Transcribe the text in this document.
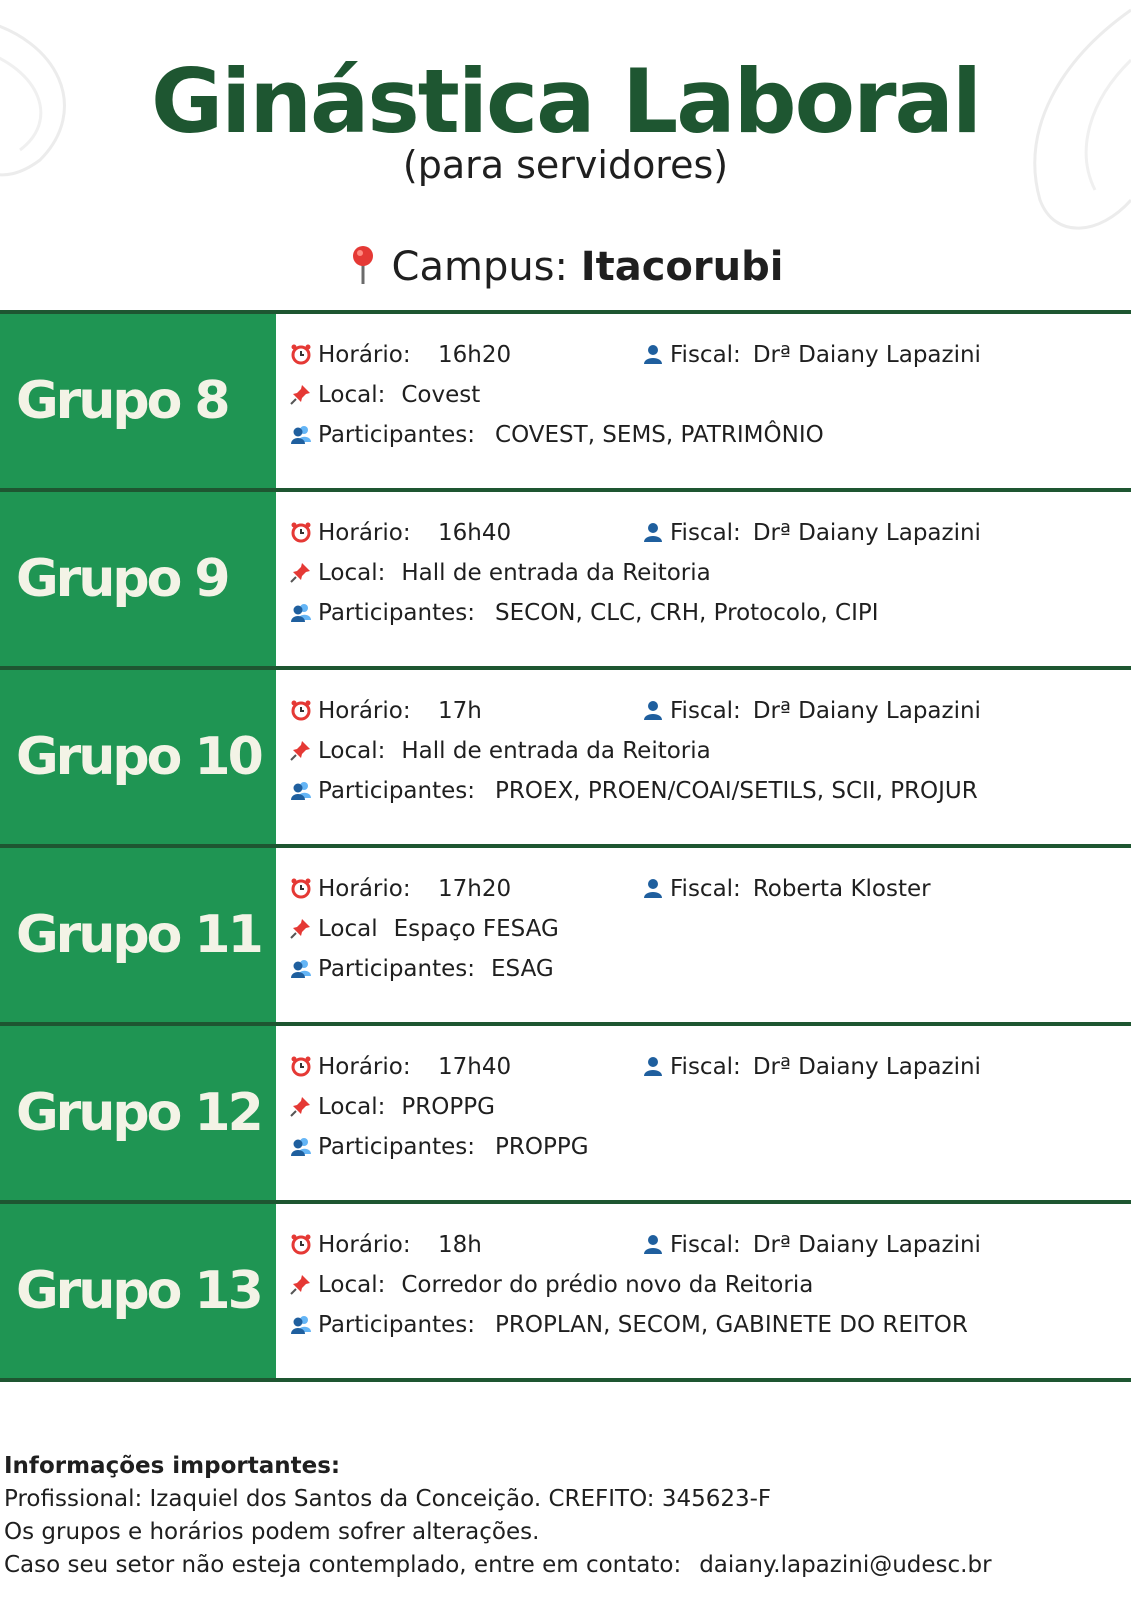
Ginástica Laboral
(para servidores)
Campus: Itacorubi
Grupo 8
Horário: 16h20	Fiscal: Drª Daiany Lapazini
Local: Covest
Participantes: COVEST, SEMS, PATRIMÔNIO
Grupo 9
Horário: 16h40	Fiscal: Drª Daiany Lapazini
Local: Hall de entrada da Reitoria
Participantes: SECON, CLC, CRH, Protocolo, CIPI
Grupo 10
Horário: 17h	Fiscal: Drª Daiany Lapazini
Local: Hall de entrada da Reitoria
Participantes: PROEX, PROEN/COAI/SETILS, SCII, PROJUR
Grupo 11
Horário: 17h20	Fiscal: Roberta Kloster
Local Espaço FESAG
Participantes: ESAG
Grupo 12
Horário: 17h40	Fiscal: Drª Daiany Lapazini
Local: PROPPG
Participantes: PROPPG
Grupo 13
Horário: 18h	Fiscal: Drª Daiany Lapazini
Local: Corredor do prédio novo da Reitoria
Participantes: PROPLAN, SECOM, GABINETE DO REITOR
Informações importantes:
Profissional: Izaquiel dos Santos da Conceição. CREFITO: 345623-F
Os grupos e horários podem sofrer alterações.
Caso seu setor não esteja contemplado, entre em contato: daiany.lapazini@udesc.br
